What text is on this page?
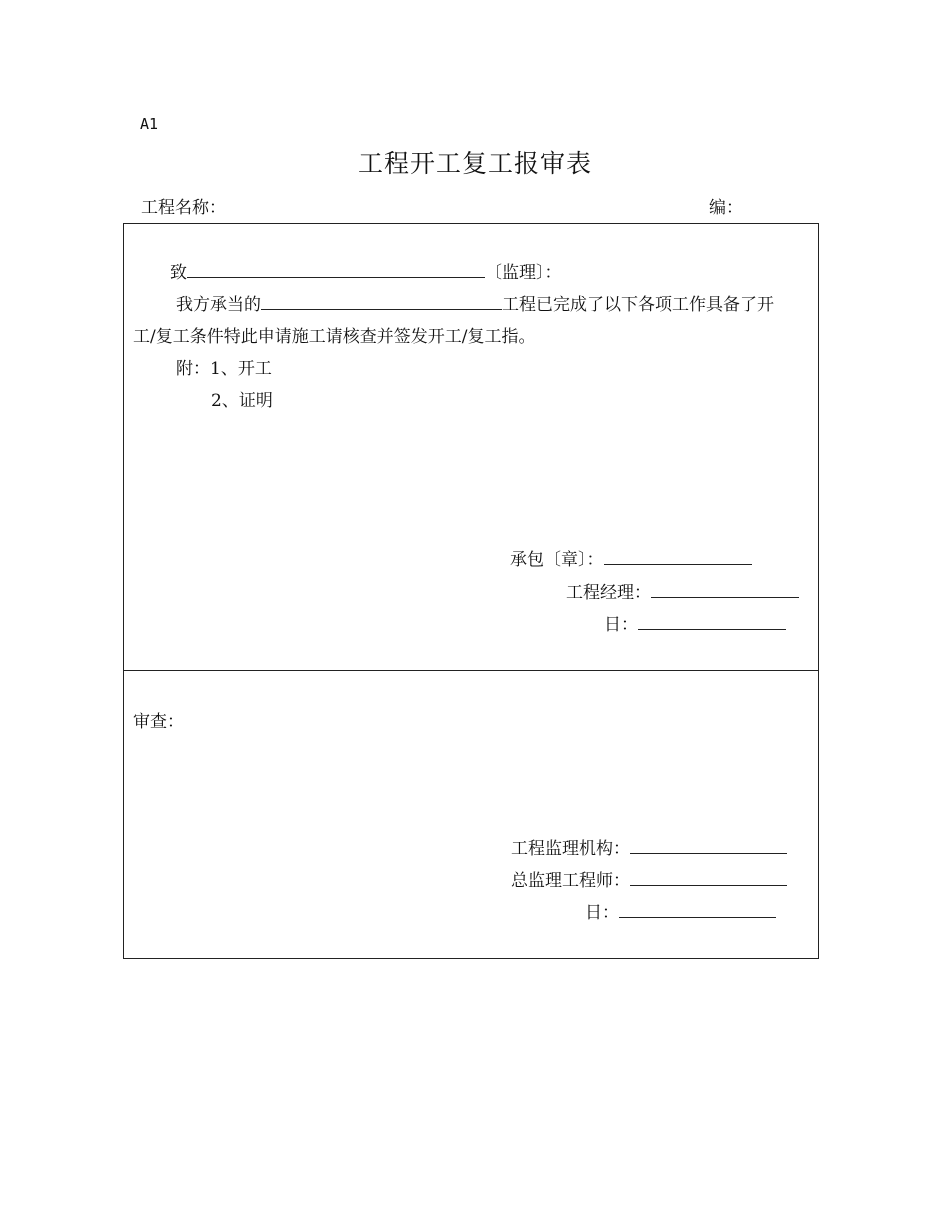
A1
工程开工复工报审表
工程名称：	编：
致	〔监理〕：
我方承当的	工程已完成了以下各项工作具备了开
工/复工条件特此申请施工请核查并签发开工/复工指。
附：1、开工
2、证明
承包〔章〕：
工程经理：
日：
审查：
工程监理机构：
总监理工程师：
日：
